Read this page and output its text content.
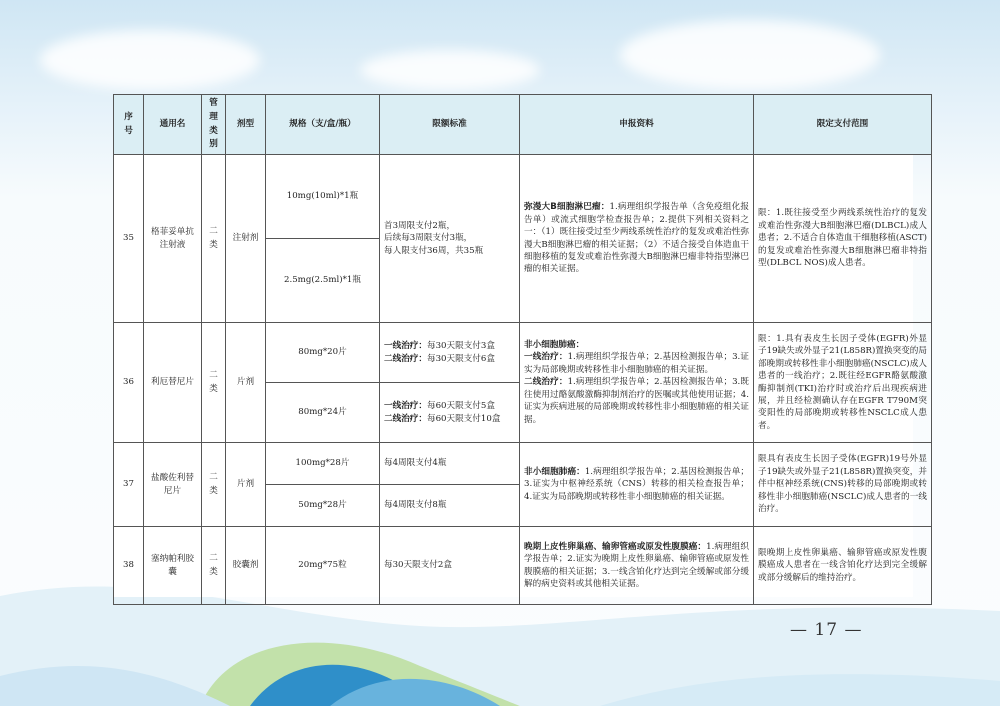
序号	通用名	管理类别	剂型	规格（支/盒/瓶）	限额标准	申报资料	限定支付范围
35	格菲妥单抗注射液	二类	注射剂	10mg(10ml)*1瓶	首3周限支付2瓶，
后续每3周限支付3瓶，
每人限支付36周，共35瓶	弥漫大B细胞淋巴瘤：1.病理组织学报告单（含免疫组化报告单）或流式细胞学检查报告单；2.提供下列相关资料之一：（1）既往接受过至少两线系统性治疗的复发或难治性弥漫大B细胞淋巴瘤的相关证据；（2）不适合接受自体造血干细胞移植的复发或难治性弥漫大B细胞淋巴瘤非特指型淋巴瘤的相关证据。	限：1.既往接受至少两线系统性治疗的复发或难治性弥漫大B细胞淋巴瘤(DLBCL)成人患者；2.不适合自体造血干细胞移植(ASCT)的复发或难治性弥漫大B细胞淋巴瘤非特指型(DLBCL NOS)成人患者。
				2.5mg(2.5ml)*1瓶			
36	利厄替尼片	二类	片剂	80mg*20片	一线治疗：每30天限支付3盒
二线治疗：每30天限支付6盒	非小细胞肺癌：
一线治疗：1.病理组织学报告单；2.基因检测报告单；3.证实为局部晚期或转移性非小细胞肺癌的相关证据。
二线治疗：1.病理组织学报告单；2.基因检测报告单；3.既往使用过酪氨酸激酶抑制剂治疗的医嘱或其他使用证据；4.证实为疾病进展的局部晚期或转移性非小细胞肺癌的相关证据。	限：1.具有表皮生长因子受体(EGFR)外显子19缺失或外显子21(L858R)置换突变的局部晚期或转移性非小细胞肺癌(NSCLC)成人患者的一线治疗；2.既往经EGFR酪氨酸激酶抑制剂(TKI)治疗时或治疗后出现疾病进展，并且经检测确认存在EGFR T790M突变阳性的局部晚期或转移性NSCLC成人患者。
				80mg*24片	一线治疗：每60天限支付5盒
二线治疗：每60天限支付10盒		

37	盐酸佐利替尼片	二类	片剂	100mg*28片	每4周限支付4瓶	非小细胞肺癌：1.病理组织学报告单；2.基因检测报告单；3.证实为中枢神经系统（CNS）转移的相关检查报告单；4.证实为局部晚期或转移性非小细胞肺癌的相关证据。	限具有表皮生长因子受体(EGFR)19号外显子19缺失或外显子21(L858R)置换突变，并伴中枢神经系统(CNS)转移的局部晚期或转移性非小细胞肺癌(NSCLC)成人患者的一线治疗。
				50mg*28片	每4周限支付8瓶		
38	塞纳帕利胶囊	二类	胶囊剂	20mg*75粒	每30天限支付2盒	晚期上皮性卵巢癌、输卵管癌或原发性腹膜癌：1.病理组织学报告单；2.证实为晚期上皮性卵巢癌、输卵管癌或原发性腹膜癌的相关证据；3.一线含铂化疗达到完全缓解或部分缓解的病史资料或其他相关证据。	限晚期上皮性卵巢癌、输卵管癌或原发性腹膜癌成人患者在一线含铂化疗达到完全缓解或部分缓解后的维持治疗。
— 17 —
